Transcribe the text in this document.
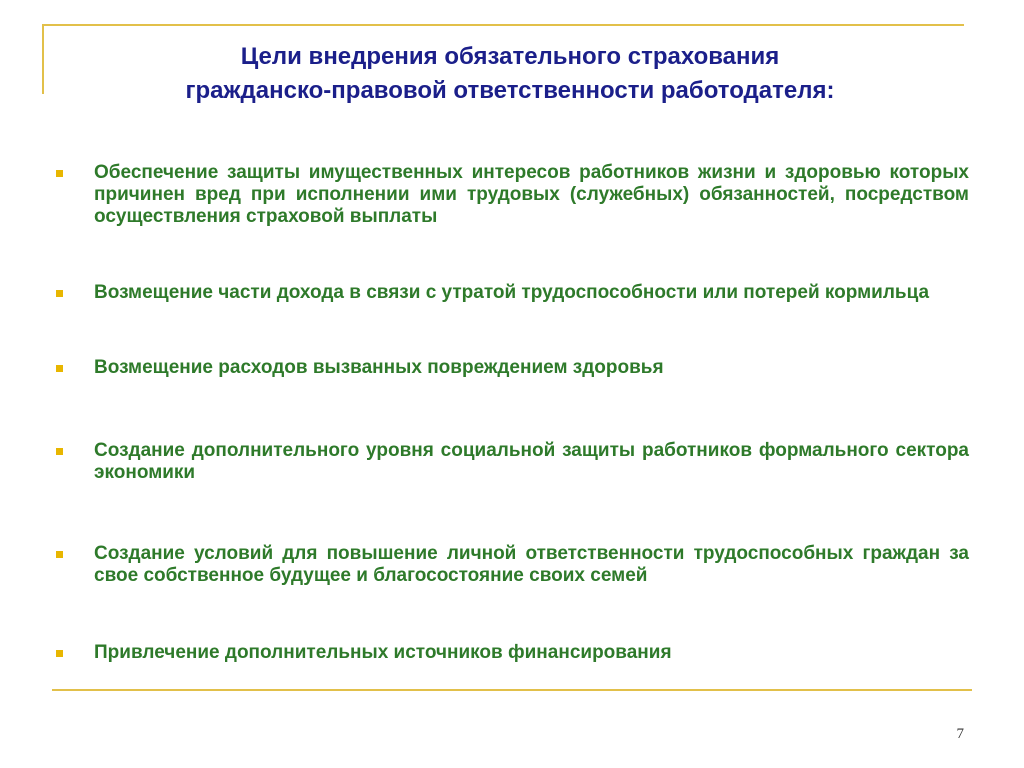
Цели внедрения обязательного страхования
гражданско-правовой ответственности работодателя:
Обеспечение защиты имущественных интересов работников жизни и здоровью которых причинен вред при исполнении ими трудовых (служебных) обязанностей, посредством осуществления страховой выплаты
Возмещение части дохода в связи с утратой трудоспособности или потерей кормильца
Возмещение расходов вызванных повреждением здоровья
Создание дополнительного уровня социальной защиты работников формального сектора экономики
Создание условий для повышение личной ответственности трудоспособных граждан за свое собственное будущее и благосостояние своих семей
Привлечение дополнительных источников финансирования
7
